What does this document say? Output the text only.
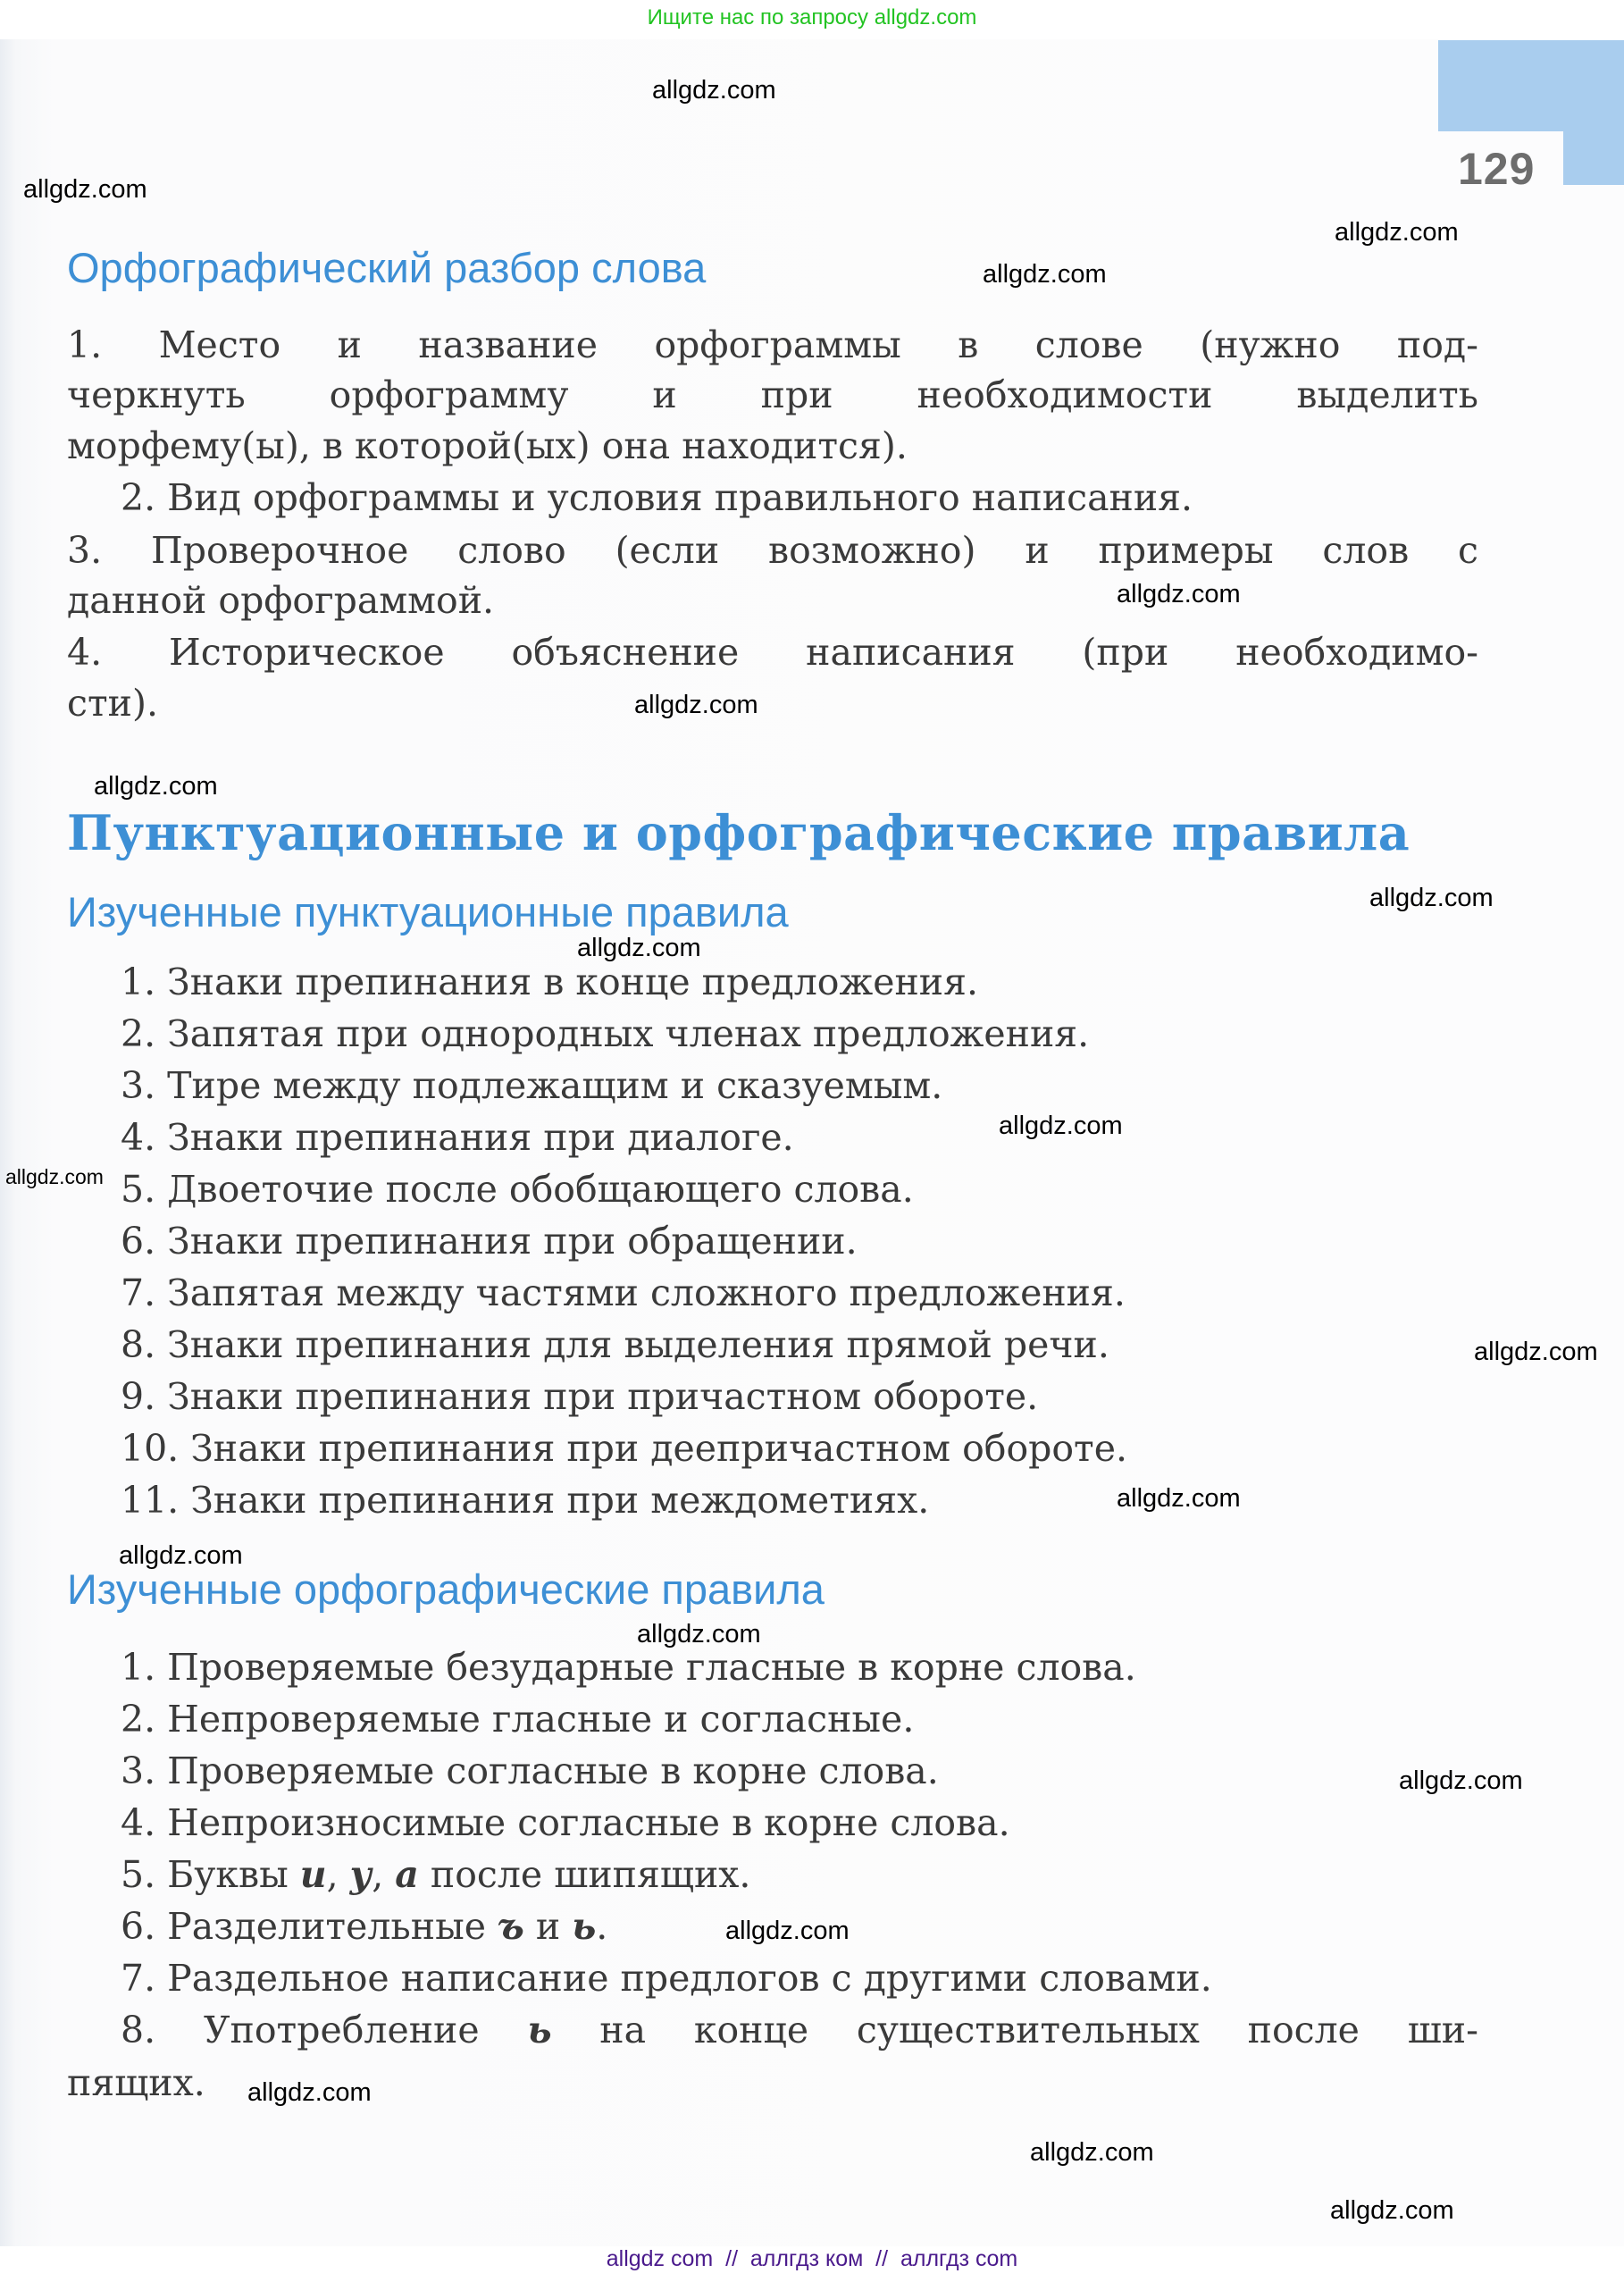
Ищите нас по запросу allgdz.com
129
Орфографический разбор слова
1. Место и название орфограммы в слове (нужно под-
черкнуть орфограмму и при необходимости выделить
морфему(ы), в которой(ых) она находится).
2. Вид орфограммы и условия правильного написания.
3. Проверочное слово (если возможно) и примеры слов с
данной орфограммой.
4. Историческое объяснение написания (при необходимо-
сти).
Пунктуационные и орфографические правила
Изученные пунктуационные правила
1. Знаки препинания в конце предложения.
2. Запятая при однородных членах предложения.
3. Тире между подлежащим и сказуемым.
4. Знаки препинания при диалоге.
5. Двоеточие после обобщающего слова.
6. Знаки препинания при обращении.
7. Запятая между частями сложного предложения.
8. Знаки препинания для выделения прямой речи.
9. Знаки препинания при причастном обороте.
10. Знаки препинания при деепричастном обороте.
11. Знаки препинания при междометиях.
Изученные орфографические правила
1. Проверяемые безударные гласные в корне слова.
2. Непроверяемые гласные и согласные.
3. Проверяемые согласные в корне слова.
4. Непроизносимые согласные в корне слова.
5. Буквы и, у, а после шипящих.
6. Разделительные ъ и ь.
7. Раздельное написание предлогов с другими словами.
8. Употребление ь на конце существительных после ши-
пящих.
allgdz.com
allgdz.com
allgdz.com
allgdz.com
allgdz.com
allgdz.com
allgdz.com
allgdz.com
allgdz.com
allgdz.com
allgdz.com
allgdz.com
allgdz.com
allgdz.com
allgdz.com
allgdz.com
allgdz.com
allgdz.com
allgdz.com
allgdz.com
allgdz com  //  аллгдз ком  //  аллгдз com
